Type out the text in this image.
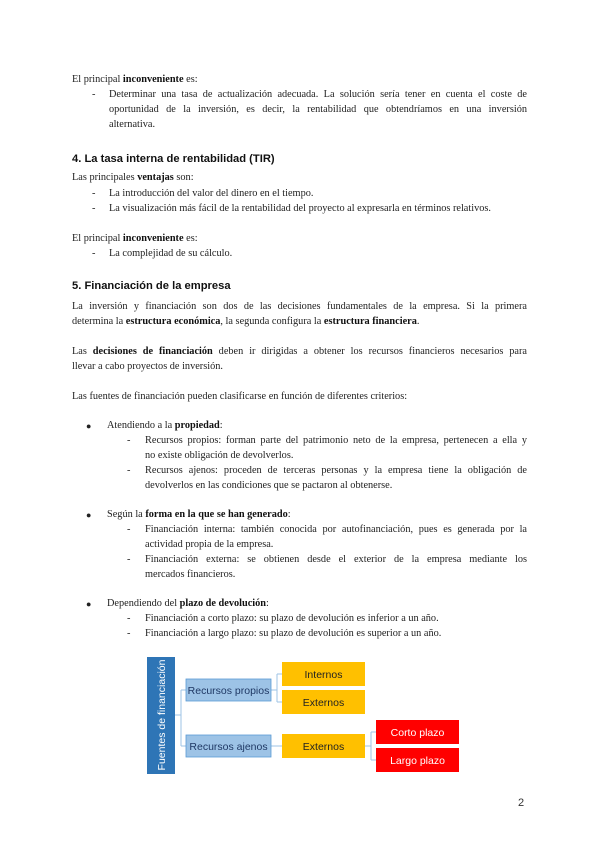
El principal inconveniente es:
- Determinar una tasa de actualización adecuada. La solución sería tener en cuenta el coste de
oportunidad de la inversión, es decir, la rentabilidad que obtendríamos en una inversión
alternativa.
4. La tasa interna de rentabilidad (TIR)
Las principales ventajas son:
- La introducción del valor del dinero en el tiempo.
- La visualización más fácil de la rentabilidad del proyecto al expresarla en términos relativos.
El principal inconveniente es:
- La complejidad de su cálculo.
5. Financiación de la empresa
La inversión y financiación son dos de las decisiones fundamentales de la empresa. Si la primera
determina la estructura económica, la segunda configura la estructura financiera.
Las decisiones de financiación deben ir dirigidas a obtener los recursos financieros necesarios para
llevar a cabo proyectos de inversión.
Las fuentes de financiación pueden clasificarse en función de diferentes criterios:
● Atendiendo a la propiedad:
- Recursos propios: forman parte del patrimonio neto de la empresa, pertenecen a ella y
no existe obligación de devolverlos.
- Recursos ajenos: proceden de terceras personas y la empresa tiene la obligación de
devolverlos en las condiciones que se pactaron al obtenerse.
● Según la forma en la que se han generado:
- Financiación interna: también conocida por autofinanciación, pues es generada por la
actividad propia de la empresa.
- Financiación externa: se obtienen desde el exterior de la empresa mediante los
mercados financieros.
● Dependiendo del plazo de devolución:
- Financiación a corto plazo: su plazo de devolución es inferior a un año.
- Financiación a largo plazo: su plazo de devolución es superior a un año.
Fuentes de financiación Recursos propios
Recursos ajenos
Internos
Externos
Externos
Corto plazo
Largo plazo
2
